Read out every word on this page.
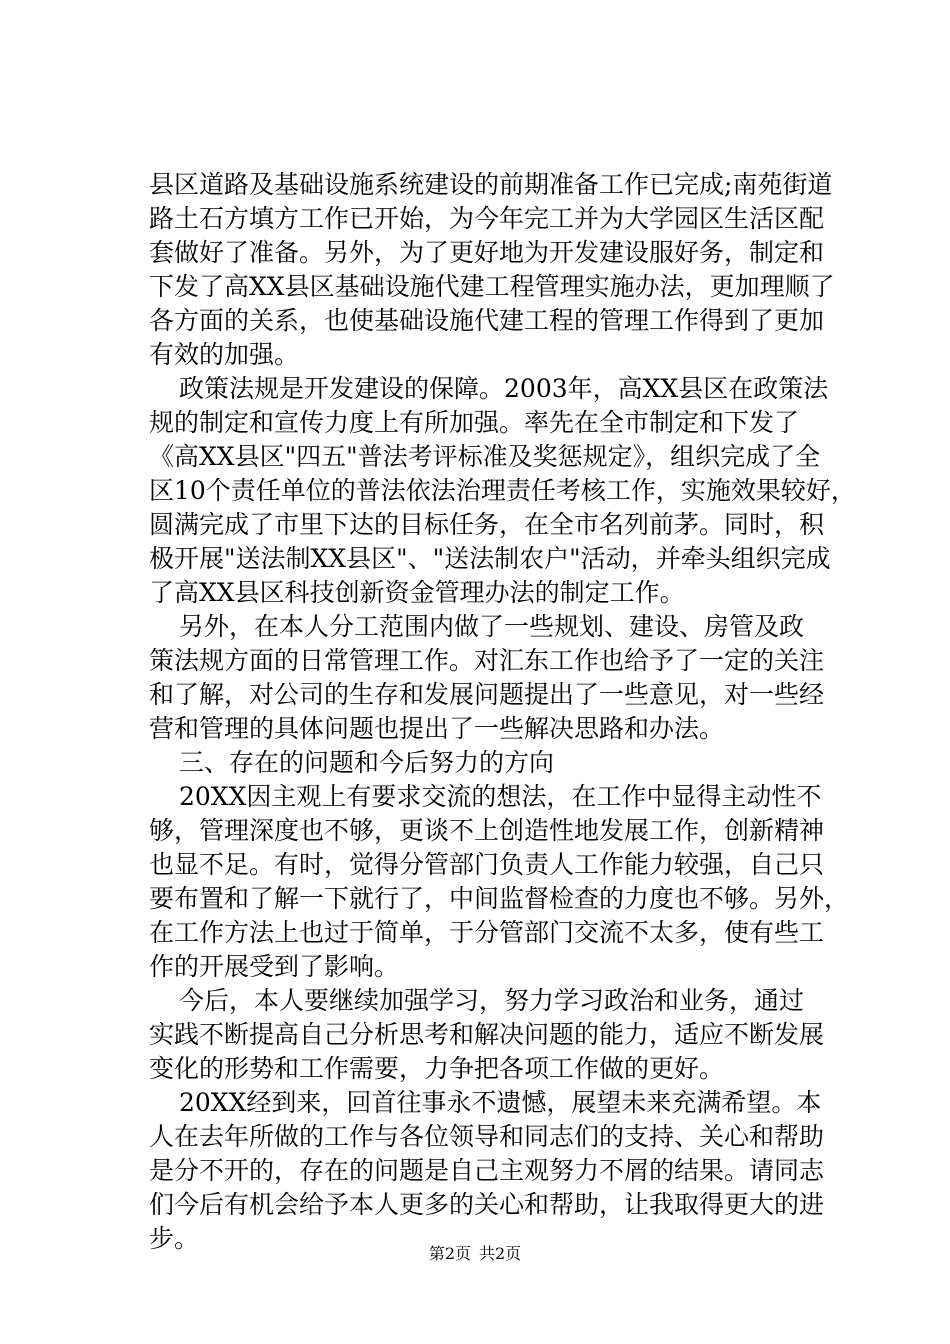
县区道路及基础设施系统建设的前期准备工作已完成;南苑街道
路土石方填方工作已开始，为今年完工并为大学园区生活区配
套做好了准备。另外，为了更好地为开发建设服好务，制定和
下发了高XX县区基础设施代建工程管理实施办法，更加理顺了
各方面的关系，也使基础设施代建工程的管理工作得到了更加
有效的加强。
政策法规是开发建设的保障。2003年，高XX县区在政策法
规的制定和宣传力度上有所加强。率先在全市制定和下发了
《高XX县区"四五"普法考评标准及奖惩规定》，组织完成了全
区10个责任单位的普法依法治理责任考核工作，实施效果较好，
圆满完成了市里下达的目标任务，在全市名列前茅。同时，积
极开展"送法制XX县区"、"送法制农户"活动，并牵头组织完成
了高XX县区科技创新资金管理办法的制定工作。
另外，在本人分工范围内做了一些规划、建设、房管及政
策法规方面的日常管理工作。对汇东工作也给予了一定的关注
和了解，对公司的生存和发展问题提出了一些意见，对一些经
营和管理的具体问题也提出了一些解决思路和办法。
三、存在的问题和今后努力的方向
20XX因主观上有要求交流的想法，在工作中显得主动性不
够，管理深度也不够，更谈不上创造性地发展工作，创新精神
也显不足。有时，觉得分管部门负责人工作能力较强，自己只
要布置和了解一下就行了，中间监督检查的力度也不够。另外，
在工作方法上也过于简单，于分管部门交流不太多，使有些工
作的开展受到了影响。
今后，本人要继续加强学习，努力学习政治和业务，通过
实践不断提高自己分析思考和解决问题的能力，适应不断发展
变化的形势和工作需要，力争把各项工作做的更好。
20XX经到来，回首往事永不遗憾，展望未来充满希望。本
人在去年所做的工作与各位领导和同志们的支持、关心和帮助
是分不开的，存在的问题是自己主观努力不屑的结果。请同志
们今后有机会给予本人更多的关心和帮助，让我取得更大的进
步。
第2页 共2页
